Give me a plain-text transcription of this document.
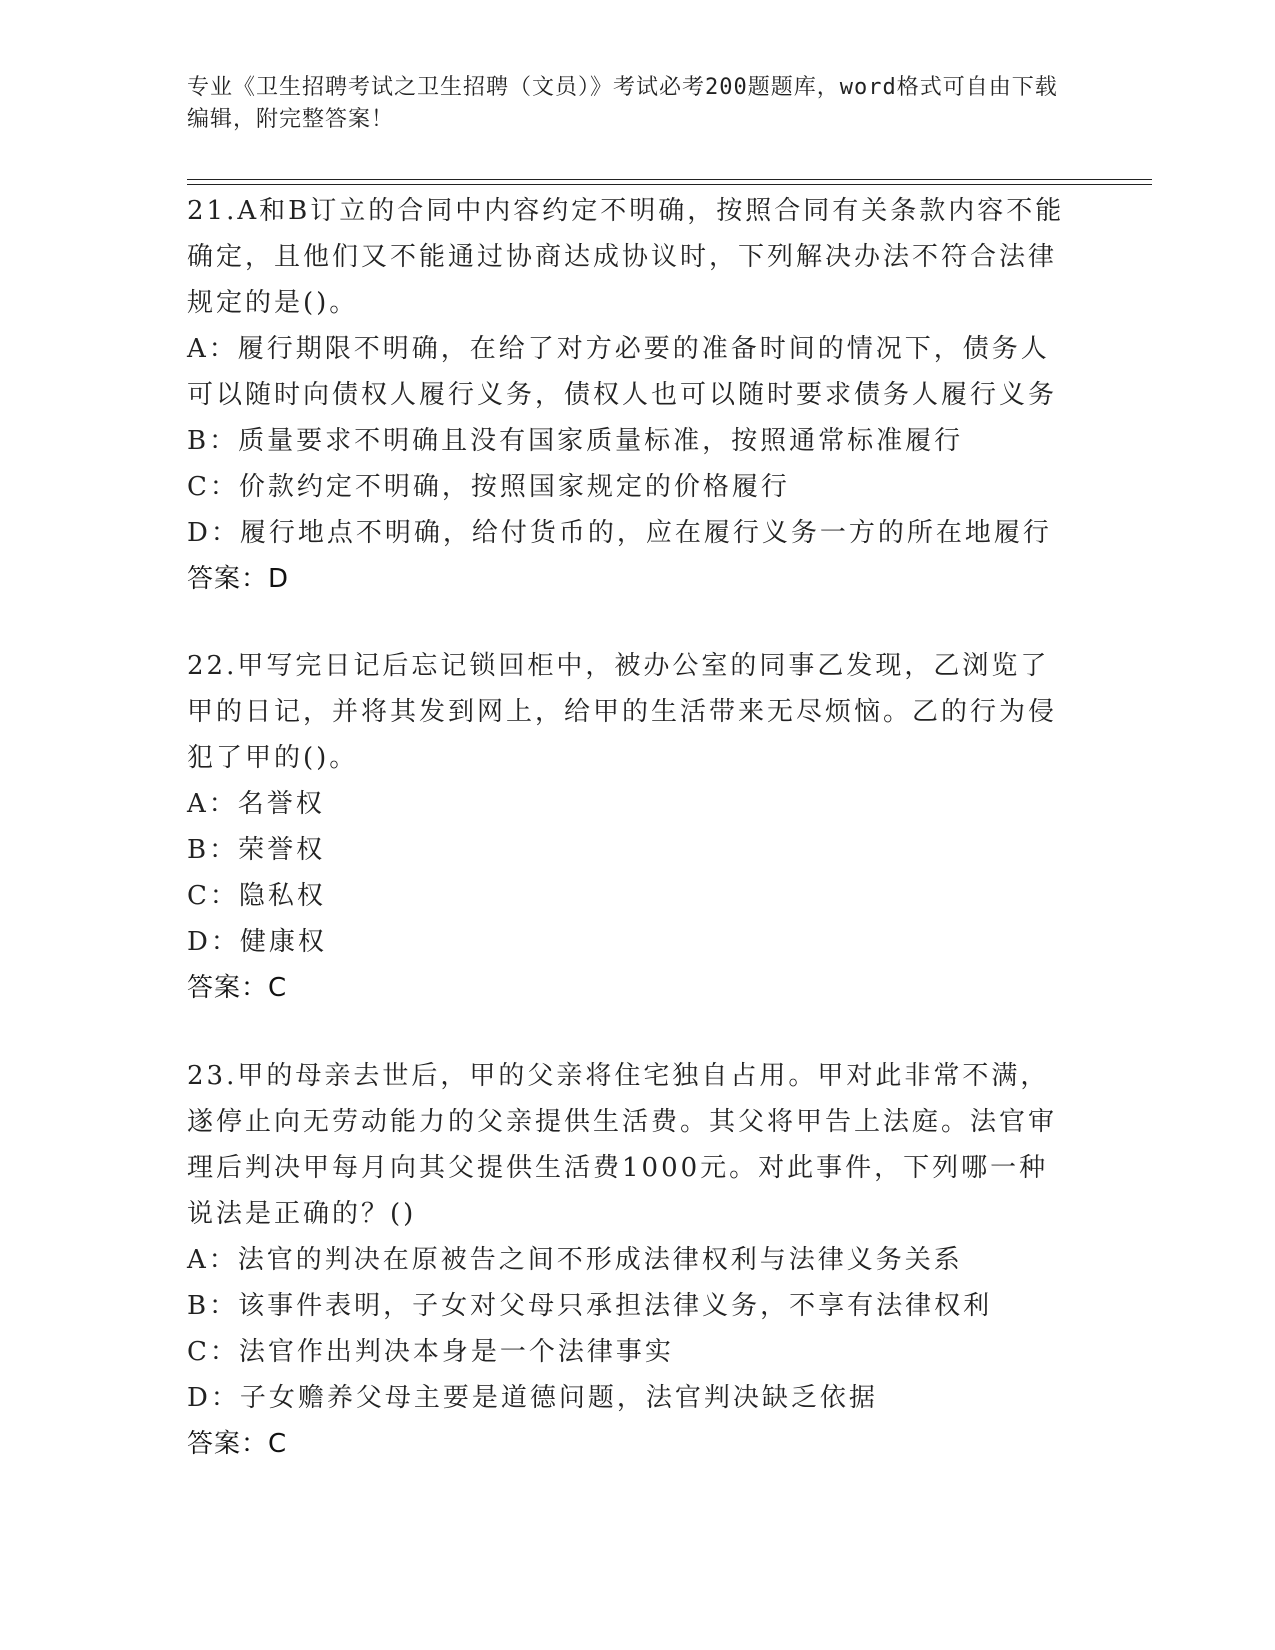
专业《卫生招聘考试之卫生招聘（文员）》考试必考200题题库，word格式可自由下载编辑，附完整答案！

21.A和B订立的合同中内容约定不明确，按照合同有关条款内容不能确定，且他们又不能通过协商达成协议时，下列解决办法不符合法律规定的是()。

A：履行期限不明确，在给了对方必要的准备时间的情况下，债务人可以随时向债权人履行义务，债权人也可以随时要求债务人履行义务
B：质量要求不明确且没有国家质量标准，按照通常标准履行
C：价款约定不明确，按照国家规定的价格履行
D：履行地点不明确，给付货币的，应在履行义务一方的所在地履行
答案：D

22.甲写完日记后忘记锁回柜中，被办公室的同事乙发现，乙浏览了甲的日记，并将其发到网上，给甲的生活带来无尽烦恼。乙的行为侵犯了甲的()。

A：名誉权
B：荣誉权
C：隐私权
D：健康权
答案：C

23.甲的母亲去世后，甲的父亲将住宅独自占用。甲对此非常不满，遂停止向无劳动能力的父亲提供生活费。其父将甲告上法庭。法官审理后判决甲每月向其父提供生活费1000元。对此事件，下列哪一种说法是正确的？()

A：法官的判决在原被告之间不形成法律权利与法律义务关系
B：该事件表明，子女对父母只承担法律义务，不享有法律权利
C：法官作出判决本身是一个法律事实
D：子女赡养父母主要是道德问题，法官判决缺乏依据
答案：C
